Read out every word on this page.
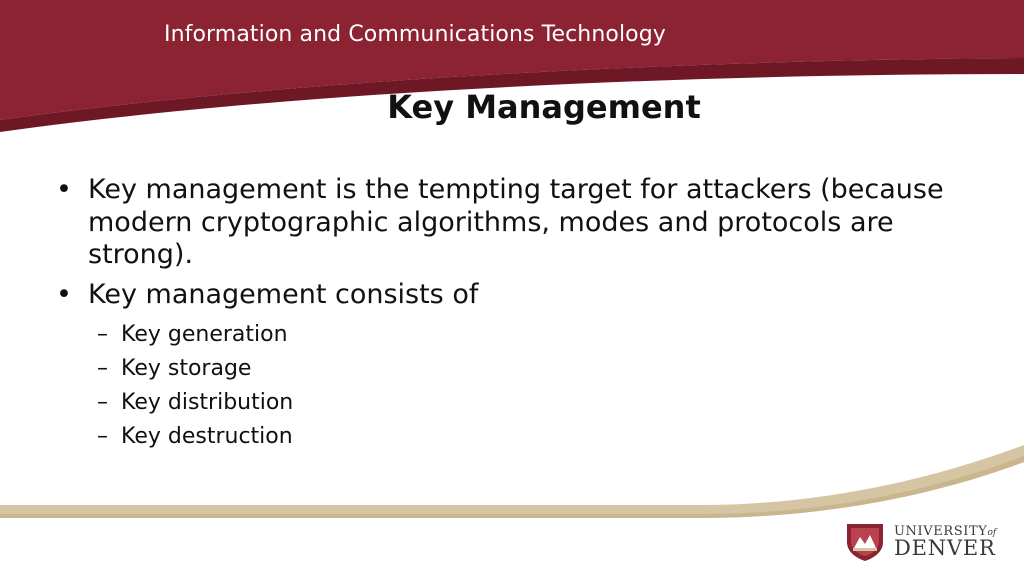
Information and Communications Technology
Key Management
• Key management is the tempting target for attackers (because modern cryptographic algorithms, modes and protocols are strong).
• Key management consists of
– Key generation
– Key storage
– Key distribution
– Key destruction
UNIVERSITYof
DENVER
